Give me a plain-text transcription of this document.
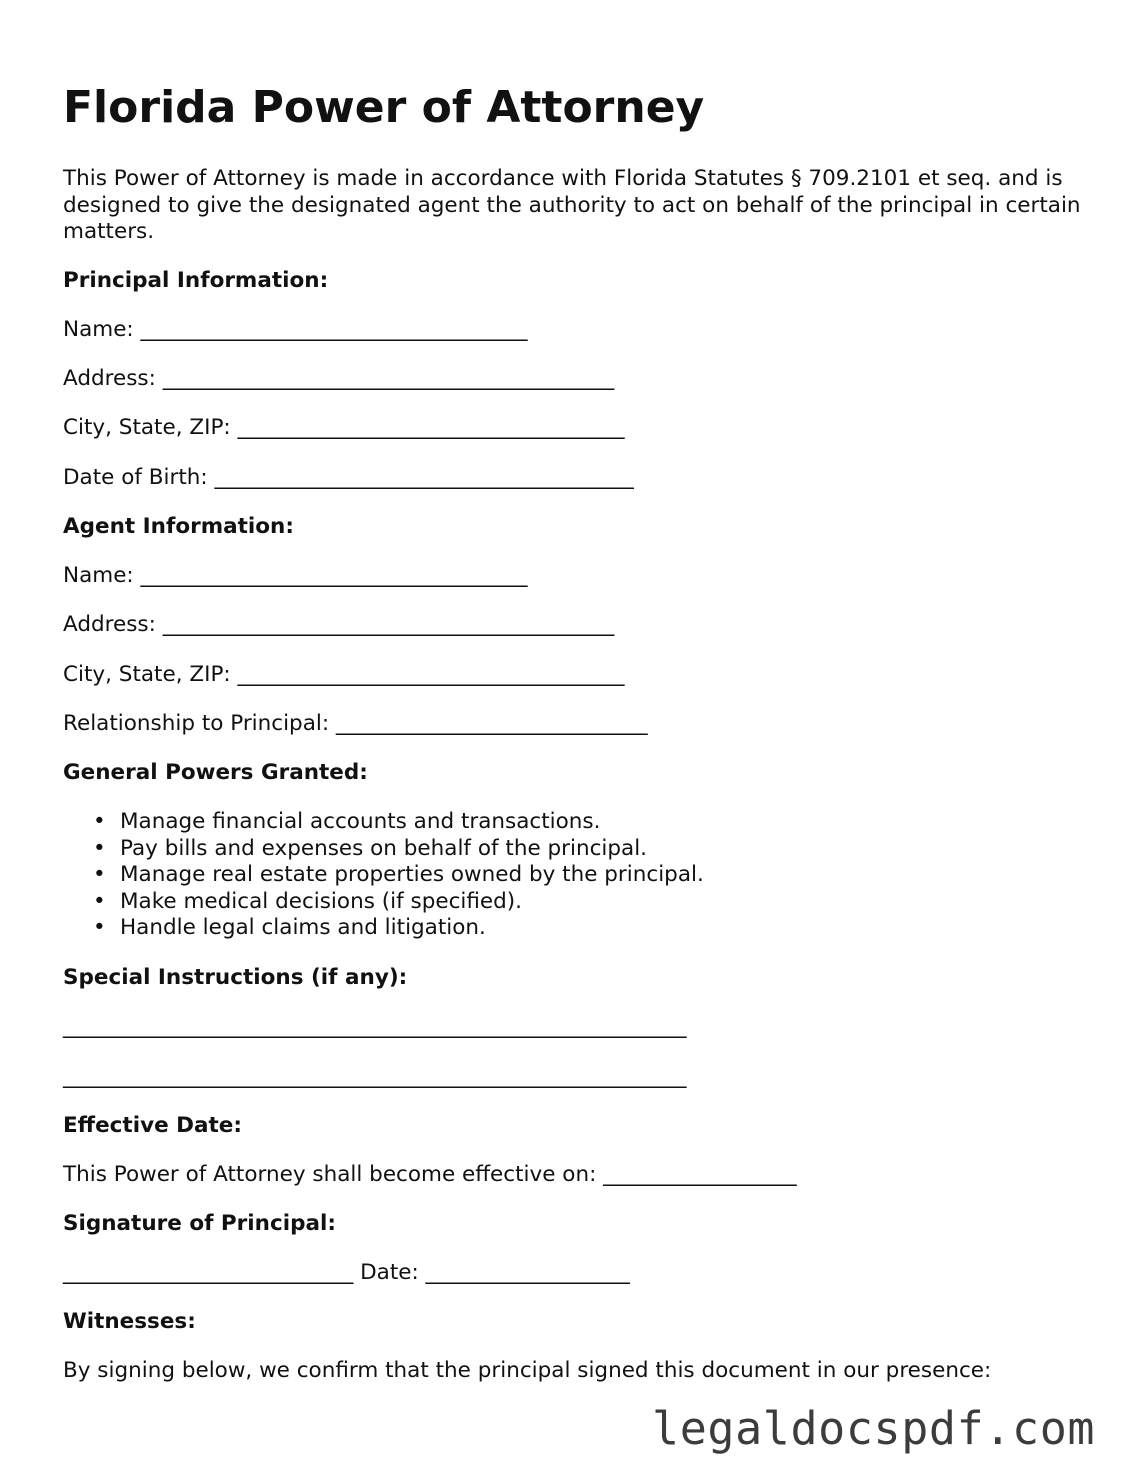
Florida Power of Attorney

This Power of Attorney is made in accordance with Florida Statutes § 709.2101 et seq. and is designed to give the designated agent the authority to act on behalf of the principal in certain matters.

Principal Information:

Name: ____________________________________

Address: __________________________________________

City, State, ZIP: ____________________________________

Date of Birth: _______________________________________

Agent Information:

Name: ____________________________________

Address: __________________________________________

City, State, ZIP: ____________________________________

Relationship to Principal: _____________________________

General Powers Granted:

• Manage financial accounts and transactions.
• Pay bills and expenses on behalf of the principal.
• Manage real estate properties owned by the principal.
• Make medical decisions (if specified).
• Handle legal claims and litigation.

Special Instructions (if any):

__________________________________________________________

__________________________________________________________

Effective Date:

This Power of Attorney shall become effective on: __________________

Signature of Principal:

___________________________ Date: ___________________

Witnesses:

By signing below, we confirm that the principal signed this document in our presence:

legaldocspdf.com
